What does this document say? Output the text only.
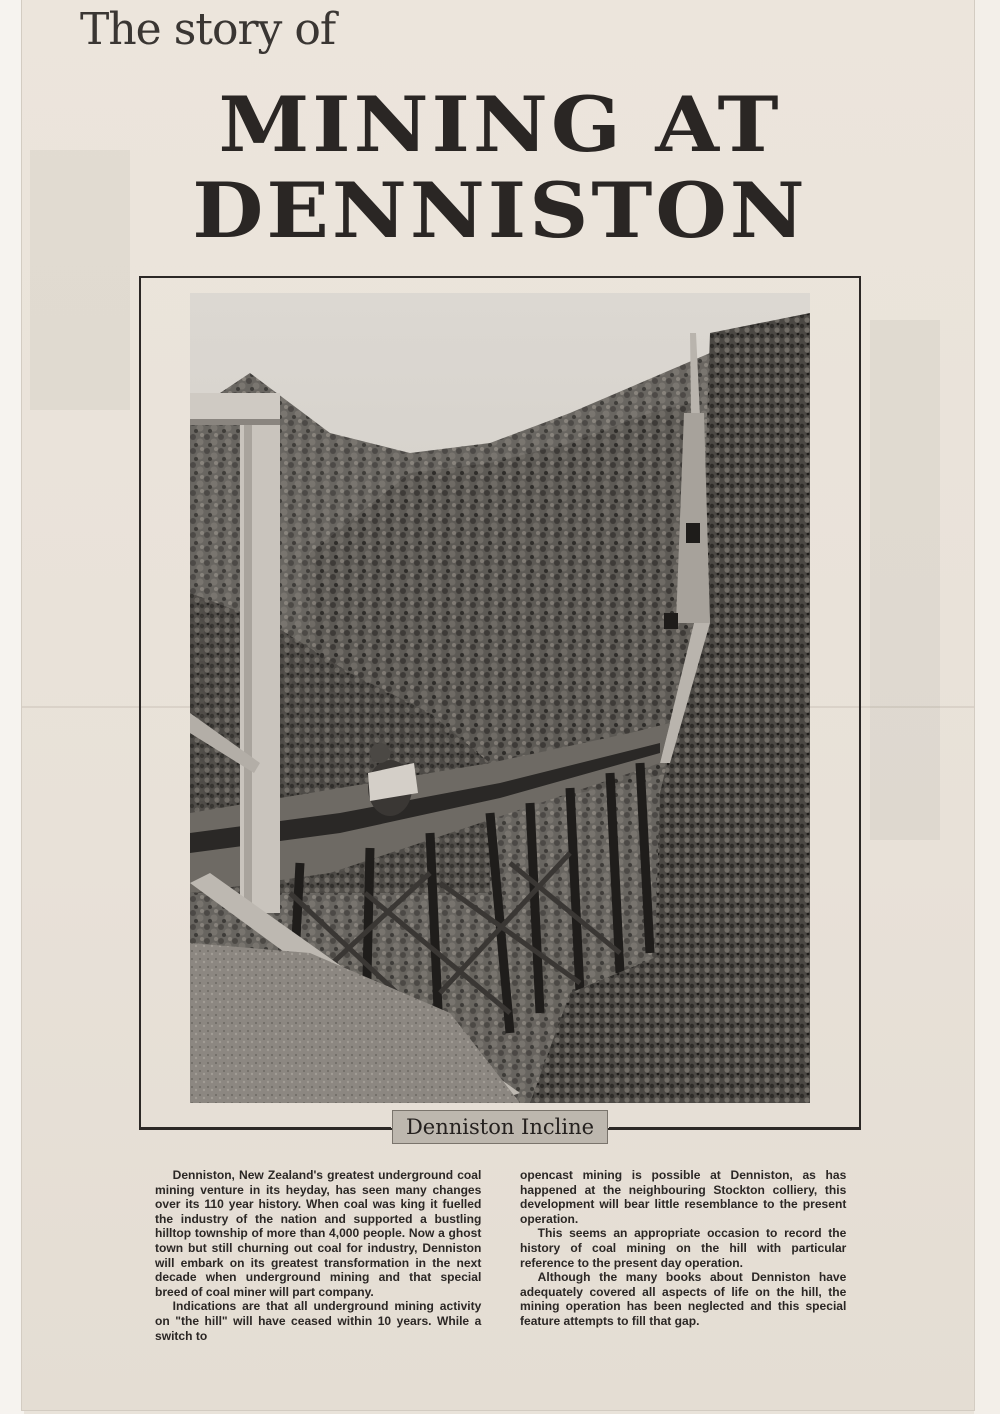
The story of
MINING AT
DENNISTON
Denniston Incline

Denniston, New Zealand's greatest underground coal mining venture in its heyday, has seen many changes over its 110 year history. When coal was king it fuelled the industry of the nation and supported a bustling hilltop township of more than 4,000 people. Now a ghost town but still churning out coal for industry, Denniston will embark on its greatest transformation in the next decade when underground mining and that special breed of coal miner will part company.

Indications are that all underground mining activity on "the hill" will have ceased within 10 years. While a switch to

opencast mining is possible at Denniston, as has happened at the neighbouring Stockton colliery, this development will bear little resemblance to the present operation.

This seems an appropriate occasion to record the history of coal mining on the hill with particular reference to the present day operation.

Although the many books about Denniston have adequately covered all aspects of life on the hill, the mining operation has been neglected and this special feature attempts to fill that gap.
